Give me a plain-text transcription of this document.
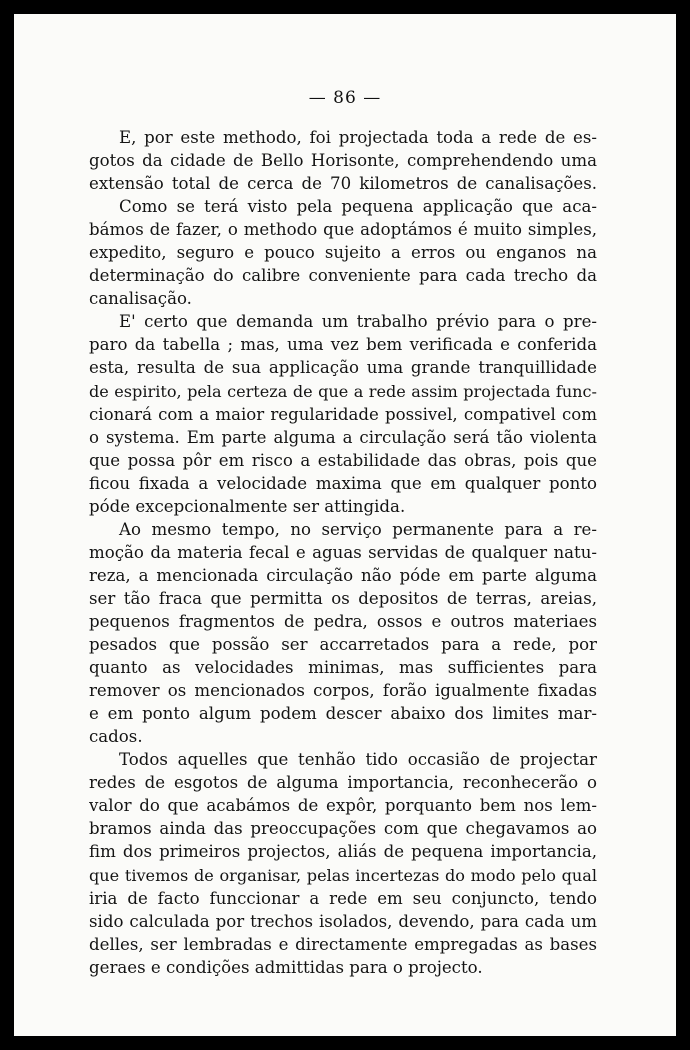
— 86 —

E, por este methodo, foi projectada toda a rede de es-
gotos da cidade de Bello Horisonte, comprehendendo uma
extensão total de cerca de 70 kilometros de canalisações.

Como se terá visto pela pequena applicação que aca-
bámos de fazer, o methodo que adoptámos é muito simples,
expedito, seguro e pouco sujeito a erros ou enganos na
determinação do calibre conveniente para cada trecho da
canalisação.

E' certo que demanda um trabalho prévio para o pre-
paro da tabella ; mas, uma vez bem verificada e conferida
esta, resulta de sua applicação uma grande tranquillidade
de espirito, pela certeza de que a rede assim projectada func-
cionará com a maior regularidade possivel, compativel com
o systema. Em parte alguma a circulação será tão violenta
que possa pôr em risco a estabilidade das obras, pois que
ficou fixada a velocidade maxima que em qualquer ponto
póde excepcionalmente ser attingida.

Ao mesmo tempo, no serviço permanente para a re-
moção da materia fecal e aguas servidas de qualquer natu-
reza, a mencionada circulação não póde em parte alguma
ser tão fraca que permitta os depositos de terras, areias,
pequenos fragmentos de pedra, ossos e outros materiaes
pesados que possão ser accarretados para a rede, por
quanto as velocidades minimas, mas sufficientes para
remover os mencionados corpos, forão igualmente fixadas
e em ponto algum podem descer abaixo dos limites mar-
cados.

Todos aquelles que tenhão tido occasião de projectar
redes de esgotos de alguma importancia, reconhecerão o
valor do que acabámos de expôr, porquanto bem nos lem-
bramos ainda das preoccupações com que chegavamos ao
fim dos primeiros projectos, aliás de pequena importancia,
que tivemos de organisar, pelas incertezas do modo pelo qual
iria de facto funccionar a rede em seu conjuncto, tendo
sido calculada por trechos isolados, devendo, para cada um
delles, ser lembradas e directamente empregadas as bases
geraes e condições admittidas para o projecto.
